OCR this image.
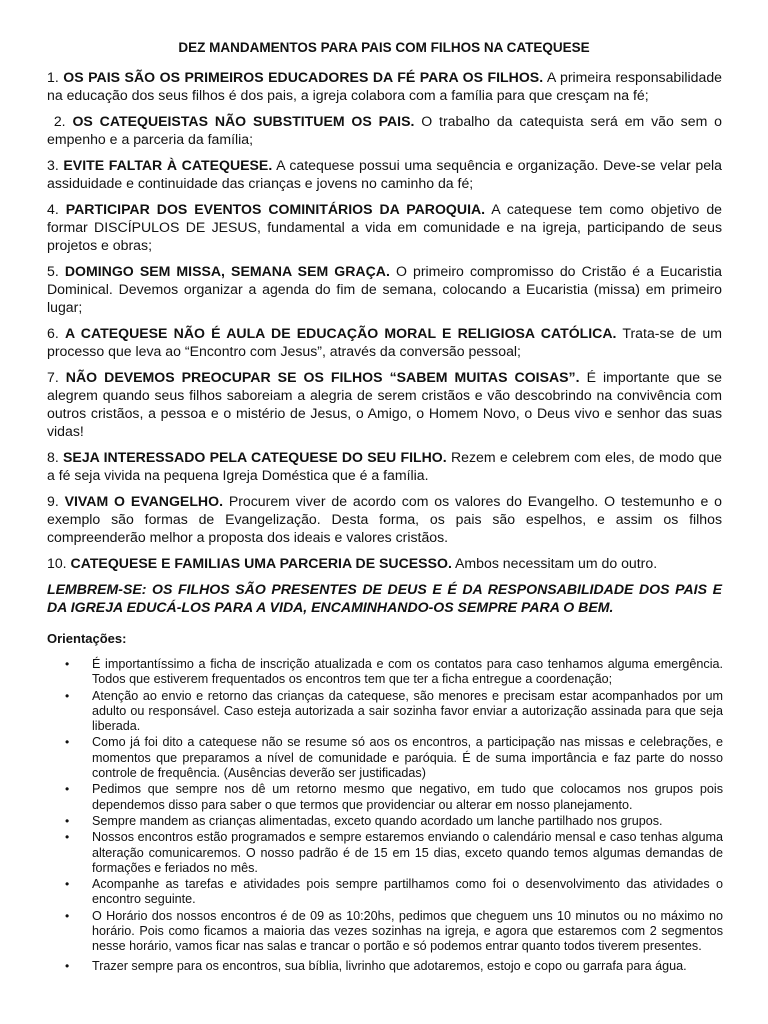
DEZ MANDAMENTOS PARA PAIS COM FILHOS NA CATEQUESE

1. OS PAIS SÃO OS PRIMEIROS EDUCADORES DA FÉ PARA OS FILHOS. A primeira responsabilidade na educação dos seus filhos é dos pais, a igreja colabora com a família para que cresçam na fé;

2. OS CATEQUEISTAS NÃO SUBSTITUEM OS PAIS. O trabalho da catequista será em vão sem o empenho e a parceria da família;

3. EVITE FALTAR À CATEQUESE. A catequese possui uma sequência e organização. Deve-se velar pela assiduidade e continuidade das crianças e jovens no caminho da fé;

4. PARTICIPAR DOS EVENTOS COMINITÁRIOS DA PAROQUIA. A catequese tem como objetivo de formar DISCÍPULOS DE JESUS, fundamental a vida em comunidade e na igreja, participando de seus projetos e obras;

5. DOMINGO SEM MISSA, SEMANA SEM GRAÇA. O primeiro compromisso do Cristão é a Eucaristia Dominical. Devemos organizar a agenda do fim de semana, colocando a Eucaristia (missa) em primeiro lugar;

6. A CATEQUESE NÃO É AULA DE EDUCAÇÃO MORAL E RELIGIOSA CATÓLICA. Trata-se de um processo que leva ao “Encontro com Jesus”, através da conversão pessoal;

7. NÃO DEVEMOS PREOCUPAR SE OS FILHOS “SABEM MUITAS COISAS”. É importante que se alegrem quando seus filhos saboreiam a alegria de serem cristãos e vão descobrindo na convivência com outros cristãos, a pessoa e o mistério de Jesus, o Amigo, o Homem Novo, o Deus vivo e senhor das suas vidas!

8. SEJA INTERESSADO PELA CATEQUESE DO SEU FILHO. Rezem e celebrem com eles, de modo que a fé seja vivida na pequena Igreja Doméstica que é a família.

9. VIVAM O EVANGELHO. Procurem viver de acordo com os valores do Evangelho. O testemunho e o exemplo são formas de Evangelização. Desta forma, os pais são espelhos, e assim os filhos compreenderão melhor a proposta dos ideais e valores cristãos.

10. CATEQUESE E FAMILIAS UMA PARCERIA DE SUCESSO. Ambos necessitam um do outro.

LEMBREM-SE: OS FILHOS SÃO PRESENTES DE DEUS E É DA RESPONSABILIDADE DOS PAIS E DA IGREJA EDUCÁ-LOS PARA A VIDA, ENCAMINHANDO-OS SEMPRE PARA O BEM.

Orientações:
• É importantíssimo a ficha de inscrição atualizada e com os contatos para caso tenhamos alguma emergência. Todos que estiverem frequentados os encontros tem que ter a ficha entregue a coordenação;
• Atenção ao envio e retorno das crianças da catequese, são menores e precisam estar acompanhados por um adulto ou responsável. Caso esteja autorizada a sair sozinha favor enviar a autorização assinada para que seja liberada.
• Como já foi dito a catequese não se resume só aos os encontros, a participação nas missas e celebrações, e momentos que preparamos a nível de comunidade e paróquia. É de suma importância e faz parte do nosso controle de frequência. (Ausências deverão ser justificadas)
• Pedimos que sempre nos dê um retorno mesmo que negativo, em tudo que colocamos nos grupos pois dependemos disso para saber o que termos que providenciar ou alterar em nosso planejamento.
• Sempre mandem as crianças alimentadas, exceto quando acordado um lanche partilhado nos grupos.
• Nossos encontros estão programados e sempre estaremos enviando o calendário mensal e caso tenhas alguma alteração comunicaremos. O nosso padrão é de 15 em 15 dias, exceto quando temos algumas demandas de formações e feriados no mês.
• Acompanhe as tarefas e atividades pois sempre partilhamos como foi o desenvolvimento das atividades o encontro seguinte.
• O Horário dos nossos encontros é de 09 as 10:20hs, pedimos que cheguem uns 10 minutos ou no máximo no horário. Pois como ficamos a maioria das vezes sozinhas na igreja, e agora que estaremos com 2 segmentos nesse horário, vamos ficar nas salas e trancar o portão e só podemos entrar quanto todos tiverem presentes.
• Trazer sempre para os encontros, sua bíblia, livrinho que adotaremos, estojo e copo ou garrafa para água.
